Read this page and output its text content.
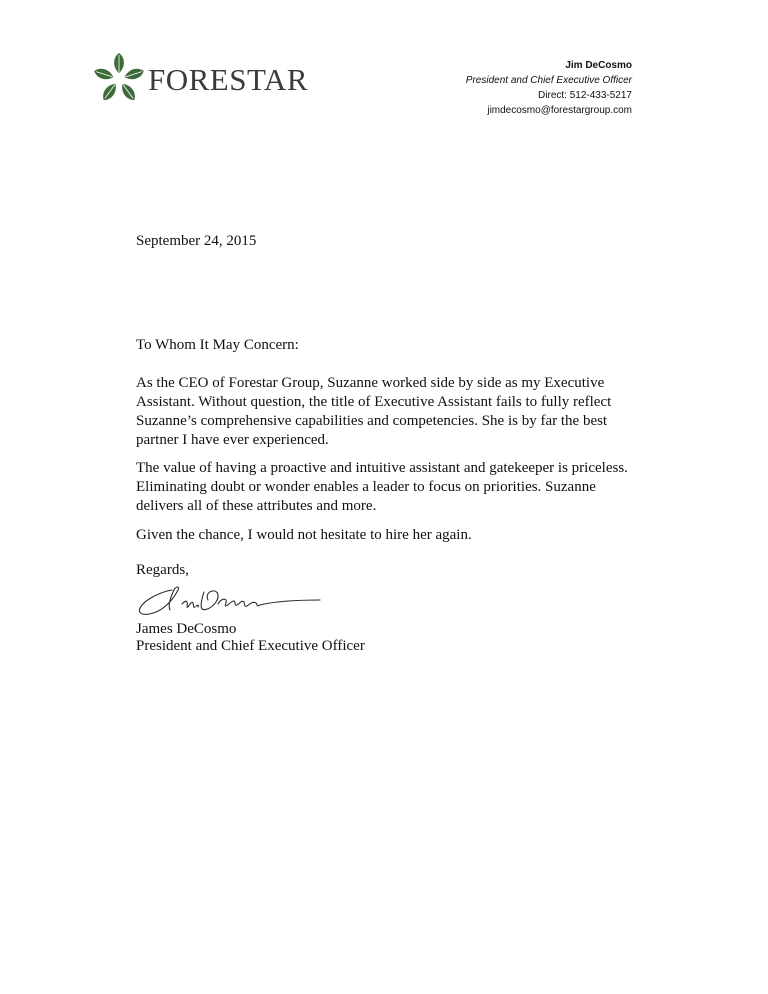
FORESTAR	Jim DeCosmo
President and Chief Executive Officer
Direct: 512-433-5217
jimdecosmo@forestargroup.com

September 24, 2015

To Whom It May Concern:

As the CEO of Forestar Group, Suzanne worked side by side as my Executive Assistant. Without question, the title of Executive Assistant fails to fully reflect Suzanne’s comprehensive capabilities and competencies. She is by far the best partner I have ever experienced.

The value of having a proactive and intuitive assistant and gatekeeper is priceless. Eliminating doubt or wonder enables a leader to focus on priorities. Suzanne delivers all of these attributes and more.

Given the chance, I would not hesitate to hire her again.

Regards,

James DeCosmo

President and Chief Executive Officer
